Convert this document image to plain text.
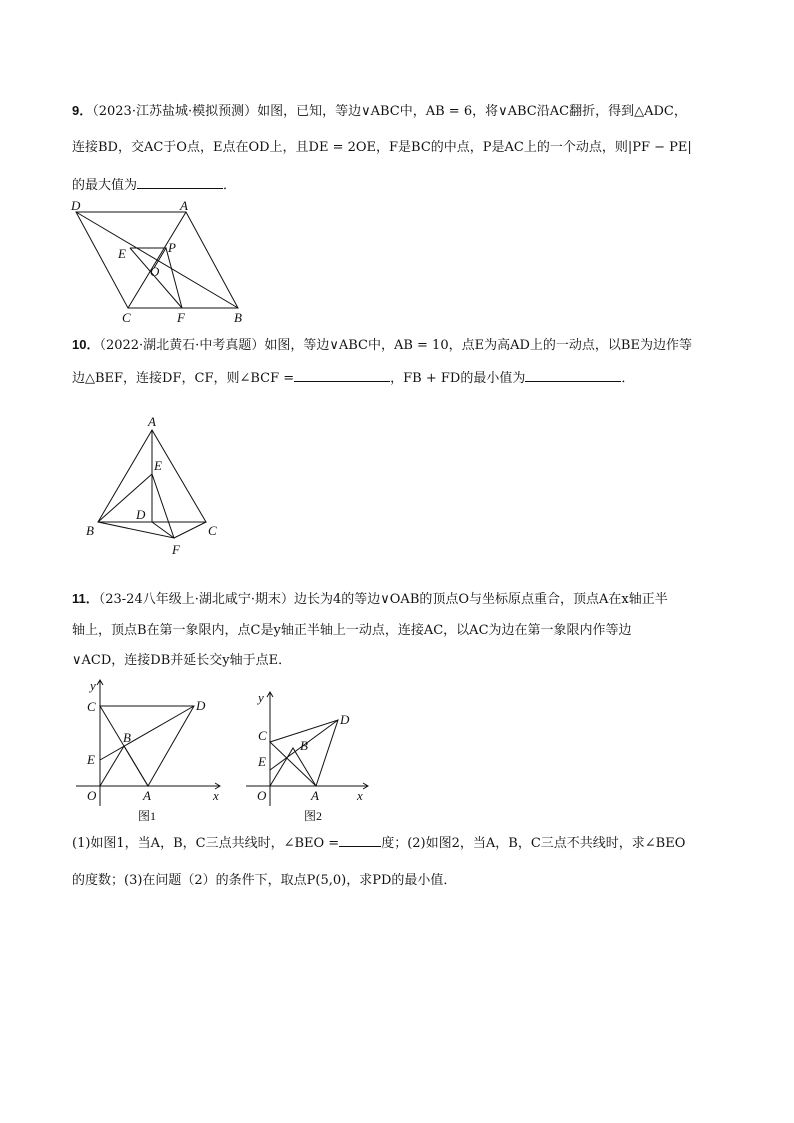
9．（2023·江苏盐城·模拟预测）如图，已知，等边∨ABC中，AB = 6，将∨ABC沿AC翻折，得到△ADC，
连接BD，交AC于O点，E点在OD上，且DE = 2OE，F是BC的中点，P是AC上的一个动点，则|PF − PE|
的最大值为	．
D	A
E	P
O
C	F	B
10．（2022·湖北黄石·中考真题）如图，等边∨ABC中，AB = 10，点E为高AD上的一动点，以BE为边作等
边△BEF，连接DF，CF，则∠BCF =	，FB + FD的最小值为	．
A
E
D
B	C
F
11．（23-24八年级上·湖北咸宁·期末）边长为4的等边∨OAB的顶点O与坐标原点重合，顶点A在x轴正半
轴上，顶点B在第一象限内，点C是y轴正半轴上一动点，连接AC，以AC为边在第一象限内作等边
∨ACD，连接DB并延长交y轴于点E．
y
C	D
B
E
O	A	x
图1
y
D
C
B
E
O	A	x
图2
(1)如图1，当A，B，C三点共线时，∠BEO =	度；(2)如图2，当A，B，C三点不共线时，求∠BEO
的度数；(3)在问题（2）的条件下，取点P(5,0)，求PD的最小值．
